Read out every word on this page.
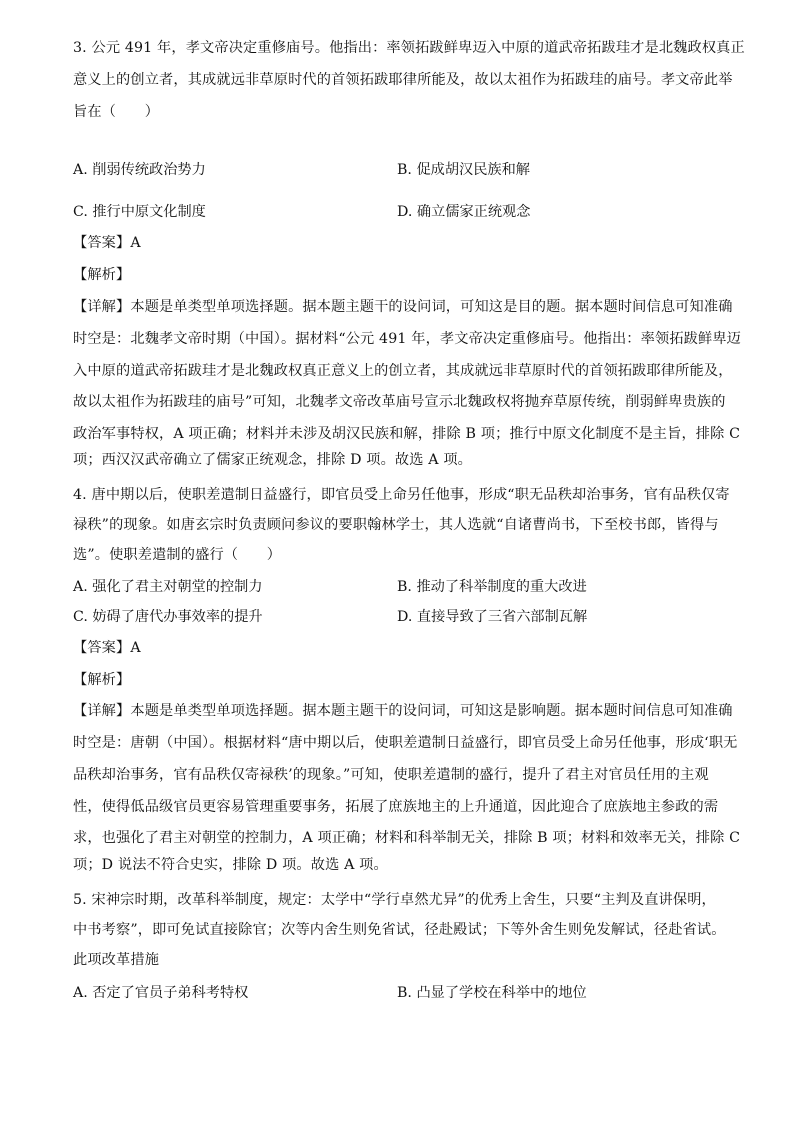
3. 公元 491 年，孝文帝决定重修庙号。他指出：率领拓跋鲜卑迈入中原的道武帝拓跋珪才是北魏政权真正
意义上的创立者，其成就远非草原时代的首领拓跋耶律所能及，故以太祖作为拓跋珪的庙号。孝文帝此举
旨在（　　）
A. 削弱传统政治势力	B. 促成胡汉民族和解
C. 推行中原文化制度	D. 确立儒家正统观念
【答案】A
【解析】
【详解】本题是单类型单项选择题。据本题主题干的设问词，可知这是目的题。据本题时间信息可知准确
时空是：北魏孝文帝时期（中国）。据材料“公元 491 年，孝文帝决定重修庙号。他指出：率领拓跋鲜卑迈
入中原的道武帝拓跋珪才是北魏政权真正意义上的创立者，其成就远非草原时代的首领拓跋耶律所能及，
故以太祖作为拓跋珪的庙号”可知，北魏孝文帝改革庙号宣示北魏政权将抛弃草原传统，削弱鲜卑贵族的
政治军事特权，A 项正确；材料并未涉及胡汉民族和解，排除 B 项；推行中原文化制度不是主旨，排除 C
项；西汉汉武帝确立了儒家正统观念，排除 D 项。故选 A 项。
4. 唐中期以后，使职差遣制日益盛行，即官员受上命另任他事，形成“职无品秩却治事务，官有品秩仅寄
禄秩”的现象。如唐玄宗时负责顾问参议的要职翰林学士，其人选就“自诸曹尚书，下至校书郎，皆得与
选”。使职差遣制的盛行（　　）
A. 强化了君主对朝堂的控制力	B. 推动了科举制度的重大改进
C. 妨碍了唐代办事效率的提升	D. 直接导致了三省六部制瓦解
【答案】A
【解析】
【详解】本题是单类型单项选择题。据本题主题干的设问词，可知这是影响题。据本题时间信息可知准确
时空是：唐朝（中国）。根据材料“唐中期以后，使职差遣制日益盛行，即官员受上命另任他事，形成‘职无
品秩却治事务，官有品秩仅寄禄秩’的现象。”可知，使职差遣制的盛行，提升了君主对官员任用的主观
性，使得低品级官员更容易管理重要事务，拓展了庶族地主的上升通道，因此迎合了庶族地主参政的需
求，也强化了君主对朝堂的控制力，A 项正确；材料和科举制无关，排除 B 项；材料和效率无关，排除 C
项；D 说法不符合史实，排除 D 项。故选 A 项。
5. 宋神宗时期，改革科举制度，规定：太学中“学行卓然尤异”的优秀上舍生，只要“主判及直讲保明，
中书考察”，即可免试直接除官；次等内舍生则免省试，径赴殿试；下等外舍生则免发解试，径赴省试。
此项改革措施
A. 否定了官员子弟科考特权	B. 凸显了学校在科举中的地位
